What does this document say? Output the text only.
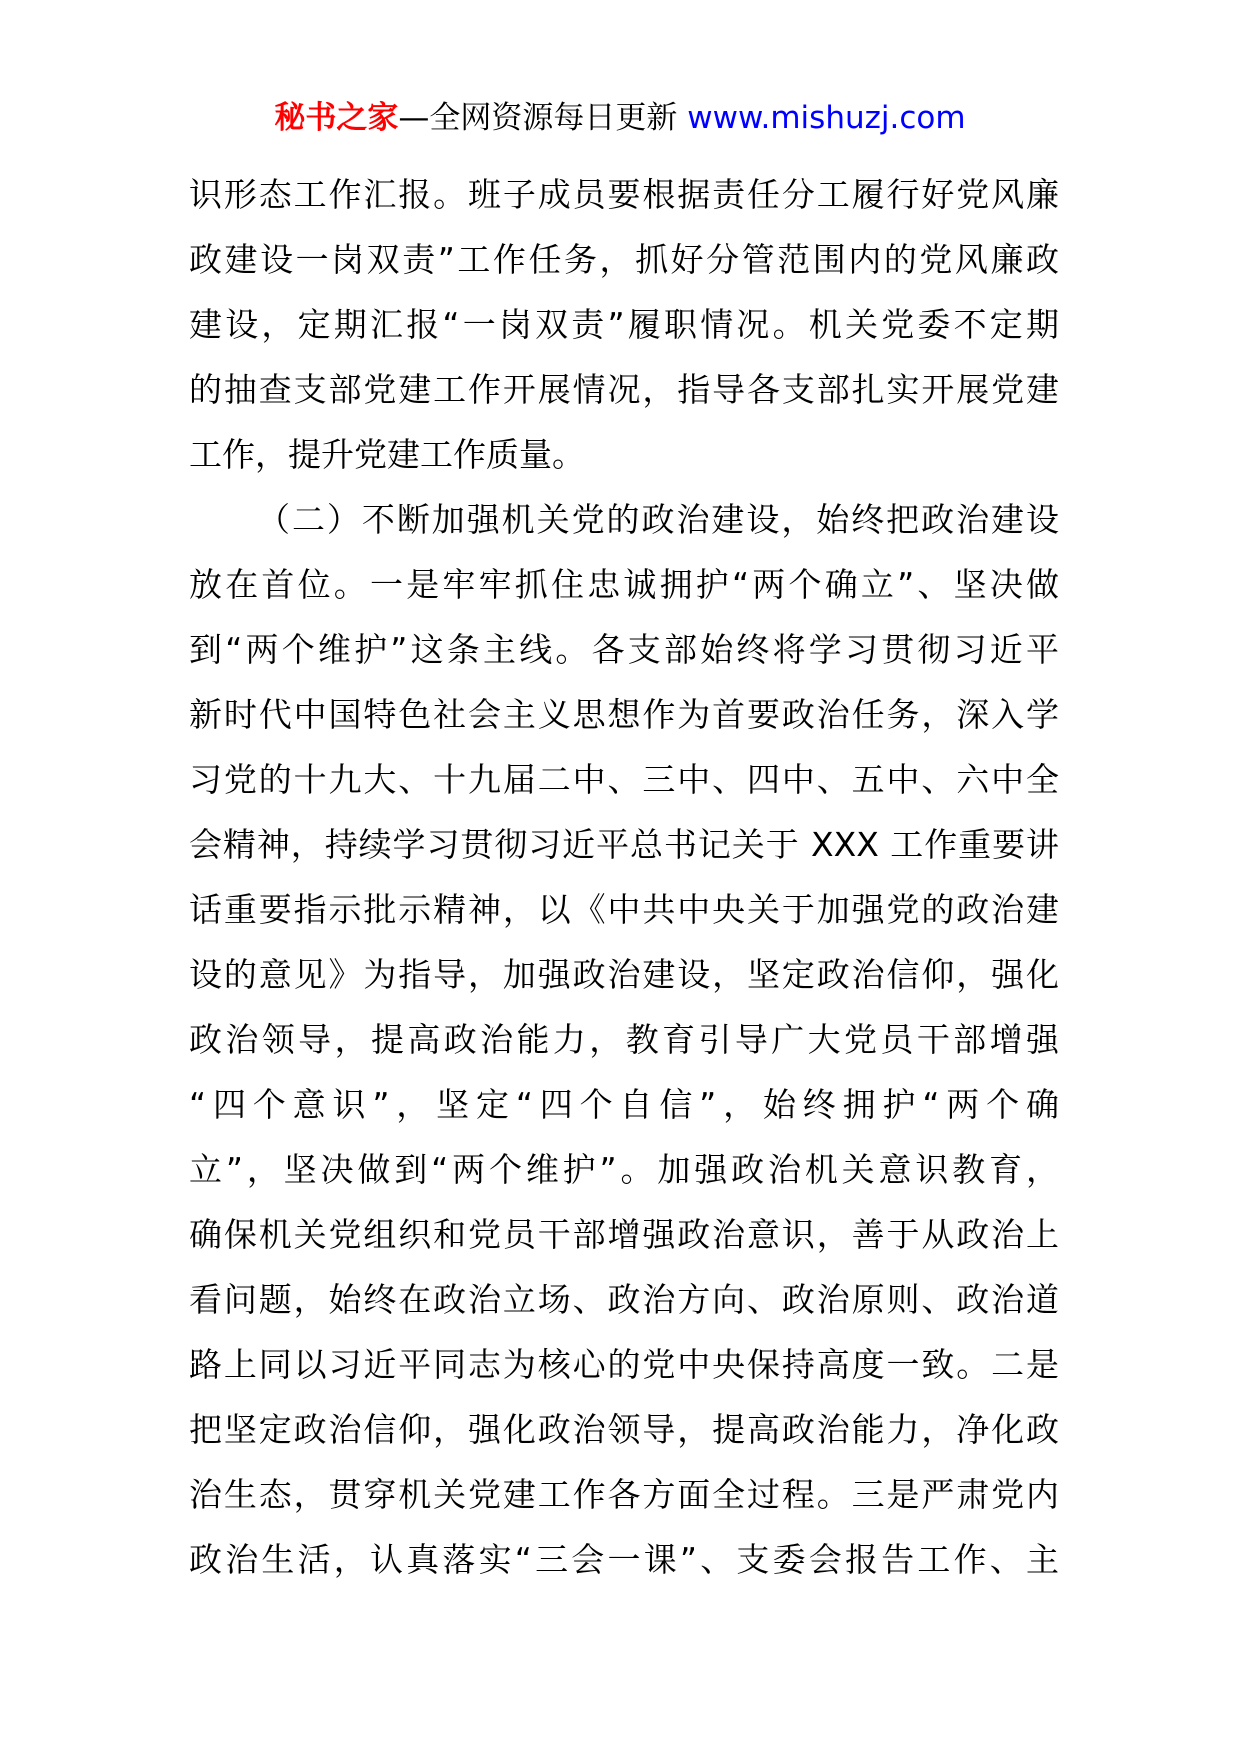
秘书之家—全网资源每日更新 www.mishuzj.com
识形态工作汇报。班子成员要根据责任分工履行好党风廉
政建设一岗双责”工作任务，抓好分管范围内的党风廉政
建设，定期汇报“一岗双责”履职情况。机关党委不定期
的抽查支部党建工作开展情况，指导各支部扎实开展党建
工作，提升党建工作质量。
（二）不断加强机关党的政治建设，始终把政治建设
放在首位。一是牢牢抓住忠诚拥护“两个确立”、坚决做
到“两个维护”这条主线。各支部始终将学习贯彻习近平
新时代中国特色社会主义思想作为首要政治任务，深入学
习党的十九大、十九届二中、三中、四中、五中、六中全
会精神，持续学习贯彻习近平总书记关于 XXX 工作重要讲
话重要指示批示精神，以《中共中央关于加强党的政治建
设的意见》为指导，加强政治建设，坚定政治信仰，强化
政治领导，提高政治能力，教育引导广大党员干部增强
“四个意识”，坚定“四个自信”，始终拥护“两个确
立”，坚决做到“两个维护”。加强政治机关意识教育，
确保机关党组织和党员干部增强政治意识，善于从政治上
看问题，始终在政治立场、政治方向、政治原则、政治道
路上同以习近平同志为核心的党中央保持高度一致。二是
把坚定政治信仰，强化政治领导，提高政治能力，净化政
治生态，贯穿机关党建工作各方面全过程。三是严肃党内
政治生活，认真落实“三会一课”、支委会报告工作、主
